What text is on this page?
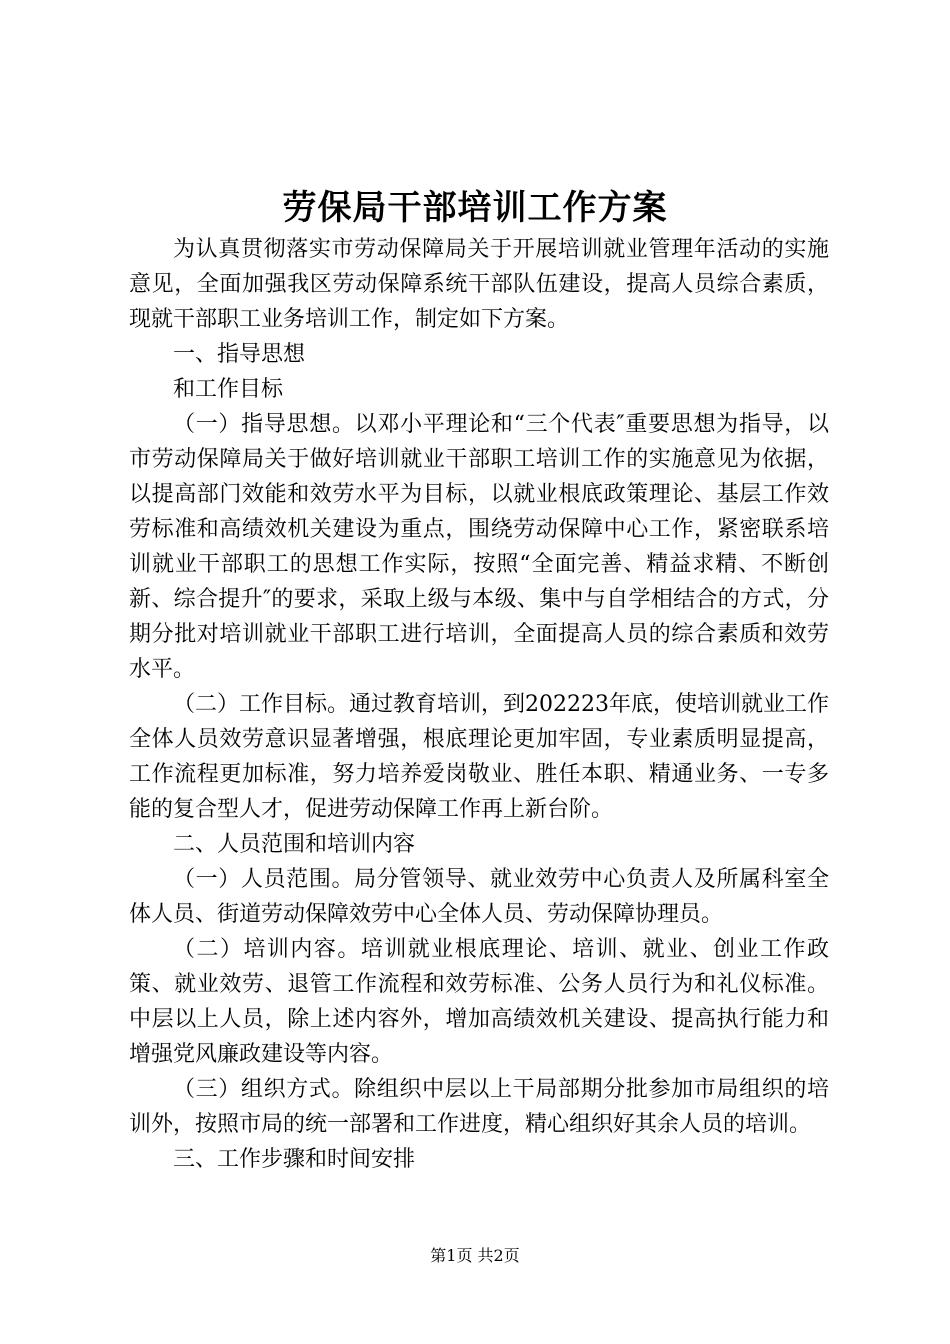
劳保局干部培训工作方案

为认真贯彻落实市劳动保障局关于开展培训就业管理年活动的实施意见，全面加强我区劳动保障系统干部队伍建设，提高人员综合素质，现就干部职工业务培训工作，制定如下方案。

一、指导思想

和工作目标

（一）指导思想。以邓小平理论和“三个代表″重要思想为指导，以市劳动保障局关于做好培训就业干部职工培训工作的实施意见为依据，以提高部门效能和效劳水平为目标，以就业根底政策理论、基层工作效劳标准和高绩效机关建设为重点，围绕劳动保障中心工作，紧密联系培训就业干部职工的思想工作实际，按照“全面完善、精益求精、不断创新、综合提升″的要求，采取上级与本级、集中与自学相结合的方式，分期分批对培训就业干部职工进行培训，全面提高人员的综合素质和效劳水平。

（二）工作目标。通过教育培训，到202223年底，使培训就业工作全体人员效劳意识显著增强，根底理论更加牢固，专业素质明显提高，工作流程更加标准，努力培养爱岗敬业、胜任本职、精通业务、一专多能的复合型人才，促进劳动保障工作再上新台阶。

二、人员范围和培训内容

（一）人员范围。局分管领导、就业效劳中心负责人及所属科室全体人员、街道劳动保障效劳中心全体人员、劳动保障协理员。

（二）培训内容。培训就业根底理论、培训、就业、创业工作政策、就业效劳、退管工作流程和效劳标准、公务人员行为和礼仪标准。中层以上人员，除上述内容外，增加高绩效机关建设、提高执行能力和增强党风廉政建设等内容。

（三）组织方式。除组织中层以上干局部期分批参加市局组织的培训外，按照市局的统一部署和工作进度，精心组织好其余人员的培训。

三、工作步骤和时间安排

第1页 共2页
